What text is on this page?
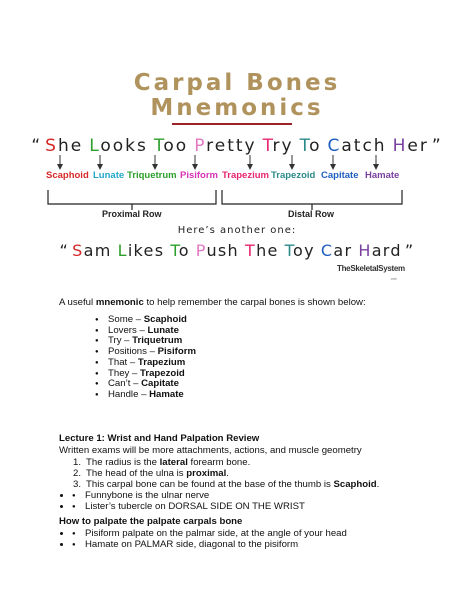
Carpal Bones
Mnemonics
“ She Looks Too Pretty Try To Catch Her ”
Scaphoid Lunate Triquetrum Pisiform Trapezium Trapezoid Capitate Hamate
Proximal Row	Distal Row
Here’s another one:
“ Sam Likes To Push The Toy Car Hard ”
TheSkeletalSystem
.net
A useful mnemonic to help remember the carpal bones is shown below:
● Some – Scaphoid
● Lovers – Lunate
● Try – Triquetrum
● Positions – Pisiform
● That – Trapezium
● They – Trapezoid
● Can’t – Capitate
● Handle – Hamate
Lecture 1: Wrist and Hand Palpation Review
Written exams will be more attachments, actions, and muscle geometry
1. The radius is the lateral forearm bone.
2. The head of the ulna is proximal.
3. This carpal bone can be found at the base of the thumb is Scaphoid.
● • Funnybone is the ulnar nerve
● • Lister’s tubercle on DORSAL SIDE ON THE WRIST
How to palpate the palpate carpals bone
● • Pisiform palpate on the palmar side, at the angle of your head
● • Hamate on PALMAR side, diagonal to the pisiform
